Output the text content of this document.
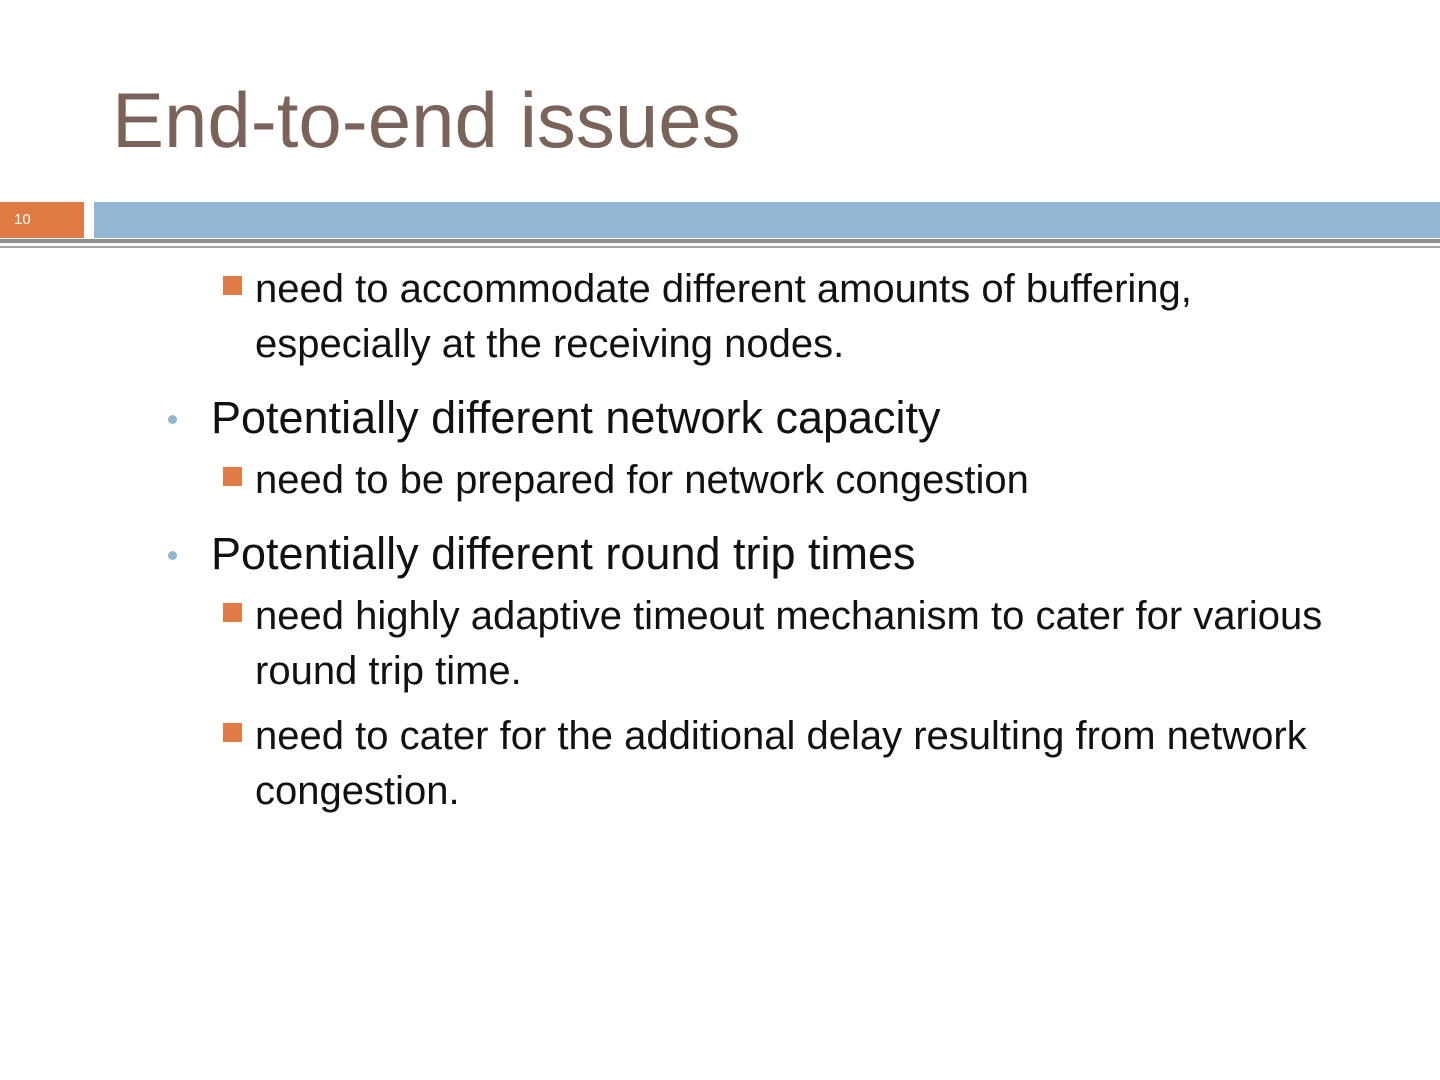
End-to-end issues
10
need to accommodate different amounts of buffering, especially at the receiving nodes.
Potentially different network capacity
need to be prepared for network congestion
Potentially different round trip times
need highly adaptive timeout mechanism to cater for various round trip time.
need to cater for the additional delay resulting from network congestion.
